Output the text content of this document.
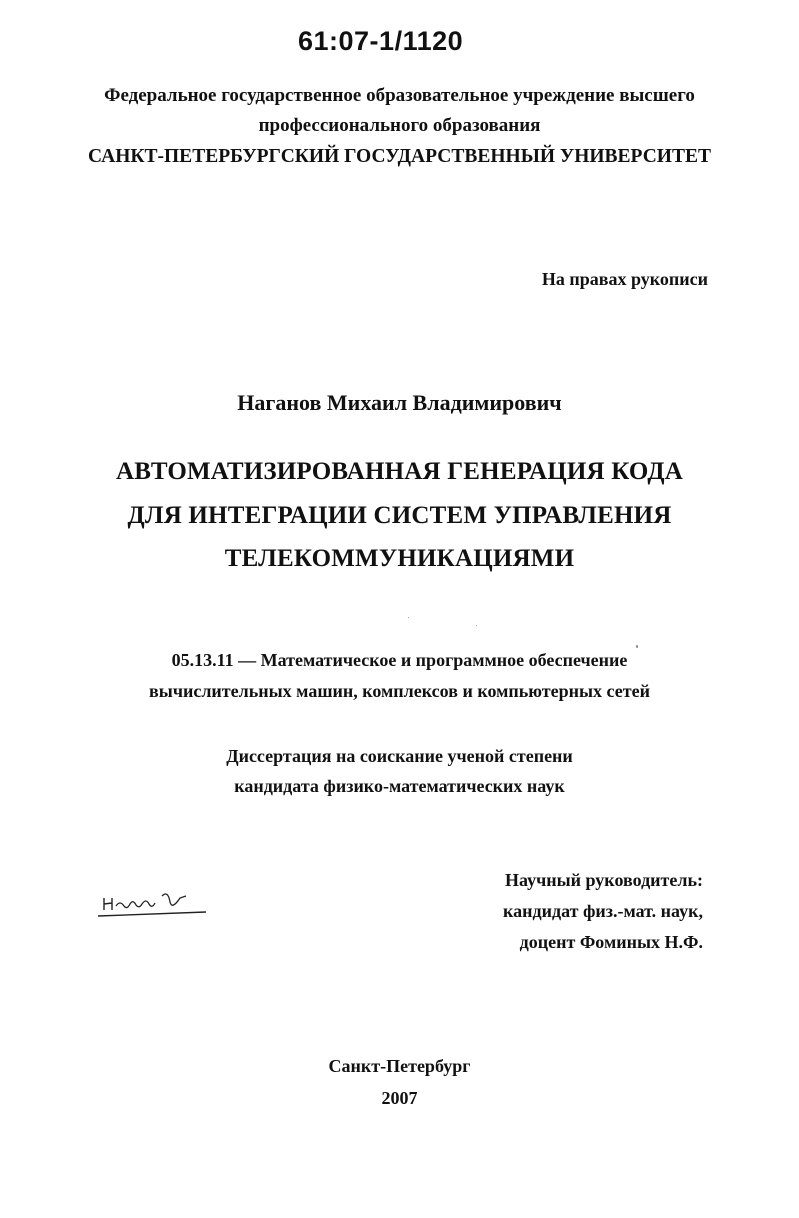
61:07-1/1120
Федеральное государственное образовательное учреждение высшего
профессионального образования
САНКТ-ПЕТЕРБУРГСКИЙ ГОСУДАРСТВЕННЫЙ УНИВЕРСИТЕТ
На правах рукописи
Наганов Михаил Владимирович
АВТОМАТИЗИРОВАННАЯ ГЕНЕРАЦИЯ КОДА
ДЛЯ ИНТЕГРАЦИИ СИСТЕМ УПРАВЛЕНИЯ
ТЕЛЕКОММУНИКАЦИЯМИ
05.13.11 — Математическое и программное обеспечение
вычислительных машин, комплексов и компьютерных сетей
Диссертация на соискание ученой степени
кандидата физико-математических наук
Научный руководитель:
кандидат физ.-мат. наук,
доцент Фоминых Н.Ф.
Санкт-Петербург
2007
